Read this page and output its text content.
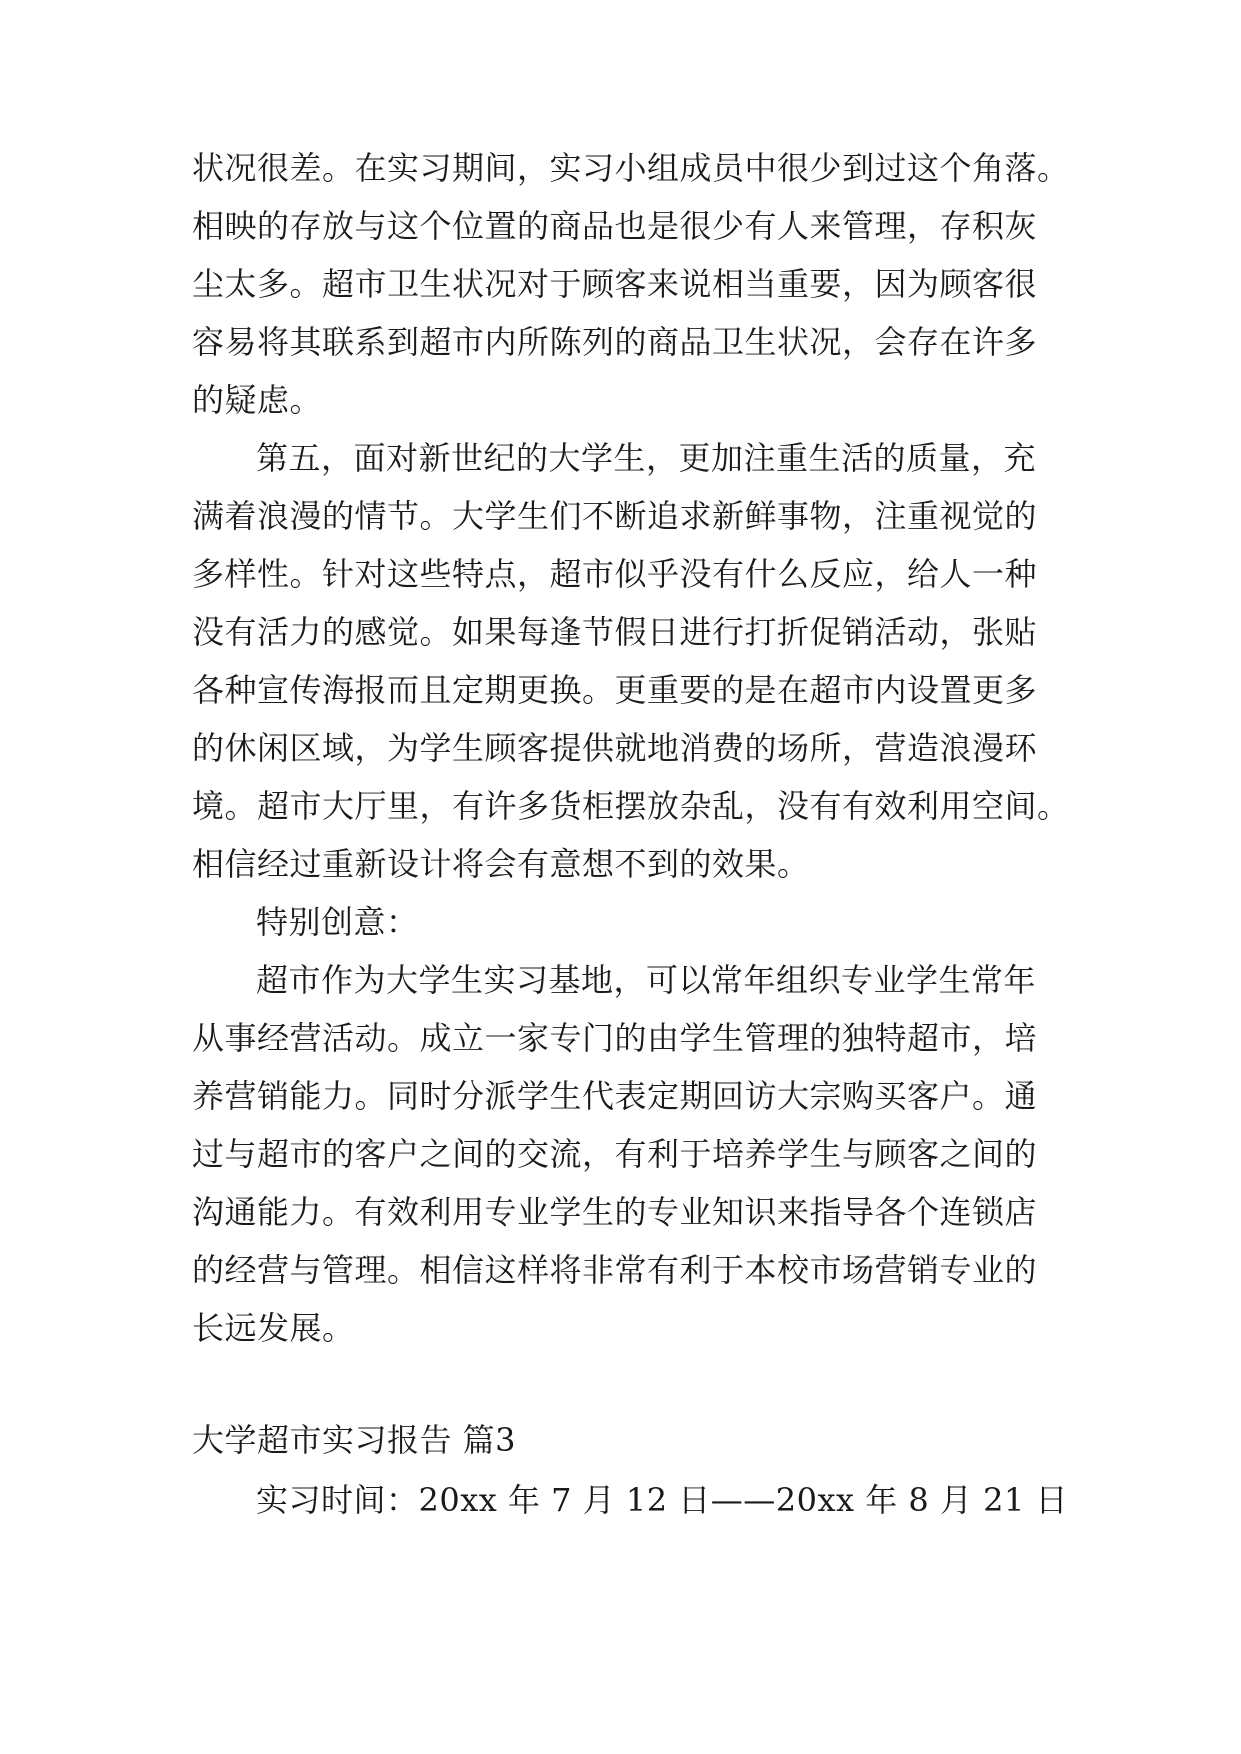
状况很差。在实习期间，实习小组成员中很少到过这个角落。
相映的存放与这个位置的商品也是很少有人来管理，存积灰
尘太多。超市卫生状况对于顾客来说相当重要，因为顾客很
容易将其联系到超市内所陈列的商品卫生状况，会存在许多
的疑虑。
第五，面对新世纪的大学生，更加注重生活的质量，充
满着浪漫的情节。大学生们不断追求新鲜事物，注重视觉的
多样性。针对这些特点，超市似乎没有什么反应，给人一种
没有活力的感觉。如果每逢节假日进行打折促销活动，张贴
各种宣传海报而且定期更换。更重要的是在超市内设置更多
的休闲区域，为学生顾客提供就地消费的场所，营造浪漫环
境。超市大厅里，有许多货柜摆放杂乱，没有有效利用空间。
相信经过重新设计将会有意想不到的效果。
特别创意：
超市作为大学生实习基地，可以常年组织专业学生常年
从事经营活动。成立一家专门的由学生管理的独特超市，培
养营销能力。同时分派学生代表定期回访大宗购买客户。通
过与超市的客户之间的交流，有利于培养学生与顾客之间的
沟通能力。有效利用专业学生的专业知识来指导各个连锁店
的经营与管理。相信这样将非常有利于本校市场营销专业的
长远发展。
大学超市实习报告 篇3
实习时间：20xx 年 7 月 12 日——20xx 年 8 月 21 日
